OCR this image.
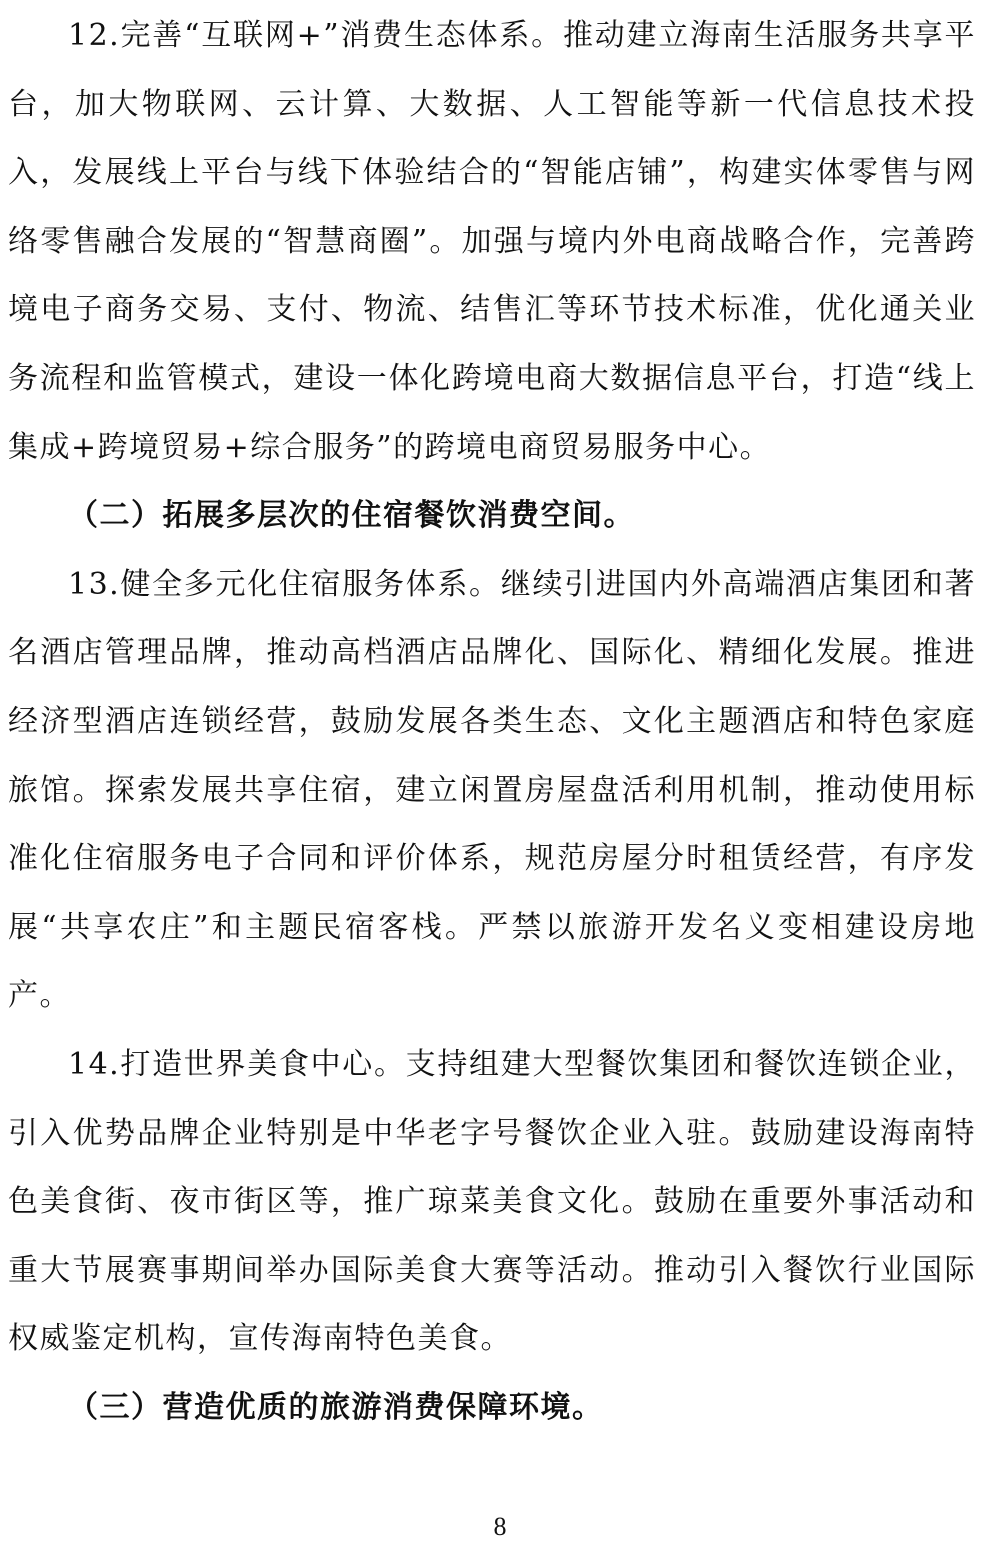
12.完善“互联网+”消费生态体系。推动建立海南生活服务共享平台，加大物联网、云计算、大数据、人工智能等新一代信息技术投入，发展线上平台与线下体验结合的“智能店铺”，构建实体零售与网络零售融合发展的“智慧商圈”。加强与境内外电商战略合作，完善跨境电子商务交易、支付、物流、结售汇等环节技术标准，优化通关业务流程和监管模式，建设一体化跨境电商大数据信息平台，打造“线上集成+跨境贸易+综合服务”的跨境电商贸易服务中心。

（二）拓展多层次的住宿餐饮消费空间。

13.健全多元化住宿服务体系。继续引进国内外高端酒店集团和著名酒店管理品牌，推动高档酒店品牌化、国际化、精细化发展。推进经济型酒店连锁经营，鼓励发展各类生态、文化主题酒店和特色家庭旅馆。探索发展共享住宿，建立闲置房屋盘活利用机制，推动使用标准化住宿服务电子合同和评价体系，规范房屋分时租赁经营，有序发展“共享农庄”和主题民宿客栈。严禁以旅游开发名义变相建设房地产。

14.打造世界美食中心。支持组建大型餐饮集团和餐饮连锁企业，引入优势品牌企业特别是中华老字号餐饮企业入驻。鼓励建设海南特色美食街、夜市街区等，推广琼菜美食文化。鼓励在重要外事活动和重大节展赛事期间举办国际美食大赛等活动。推动引入餐饮行业国际权威鉴定机构，宣传海南特色美食。

（三）营造优质的旅游消费保障环境。

8
